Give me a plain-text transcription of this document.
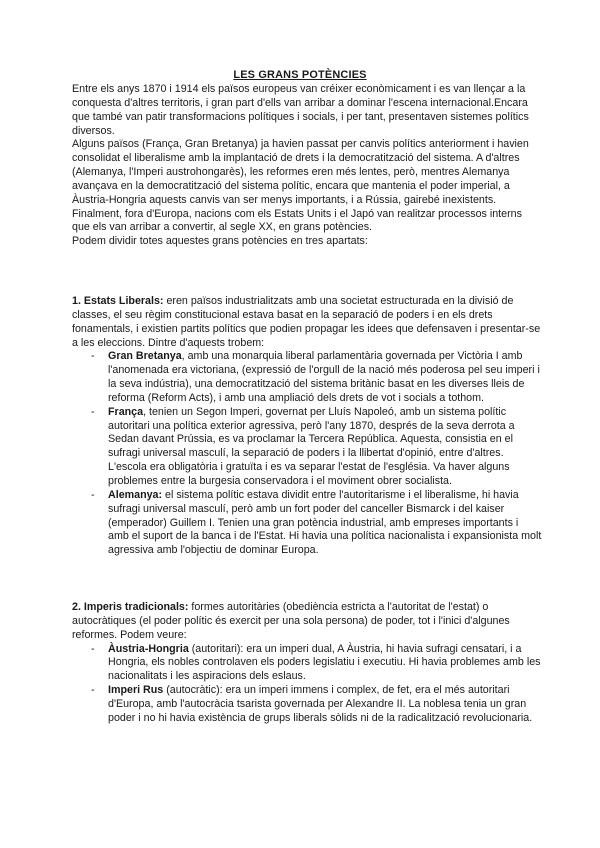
LES GRANS POTÈNCIES

Entre els anys 1870 i 1914 els països europeus van créixer econòmicament i es van llençar a la conquesta d'altres territoris, i gran part d'ells van arribar a dominar l'escena internacional.Encara que també van patir transformacions polítiques i socials, i per tant, presentaven sistemes polítics diversos.

Alguns països (França, Gran Bretanya) ja havien passat per canvis polítics anteriorment i havien consolidat el liberalisme amb la implantació de drets i la democratització del sistema. A d'altres (Alemanya, l'Imperi austrohongarès), les reformes eren més lentes, però, mentres Alemanya avançava en la democratització del sistema polític, encara que mantenia el poder imperial, a Àustria-Hongria aquests canvis van ser menys importants, i a Rússia, gairebé inexistents.

Finalment, fora d'Europa, nacions com els Estats Units i el Japó van realitzar processos interns que els van arribar a convertir, al segle XX, en grans potències.

Podem dividir totes aquestes grans potències en tres apartats:

1. Estats Liberals: eren països industrialitzats amb una societat estructurada en la divisió de classes, el seu règim constitucional estava basat en la separació de poders i en els drets fonamentals, i existien partits polítics que podien propagar les idees que defensaven i presentar-se a les eleccions. Dintre d'aquests trobem:

- Gran Bretanya, amb una monarquia liberal parlamentària governada per Victòria I amb l'anomenada era victoriana, (expressió de l'orgull de la nació més poderosa pel seu imperi i la seva indústria), una democratització del sistema britànic basat en les diverses lleis de reforma (Reform Acts), i amb una ampliació dels drets de vot i socials a tothom.
- França, tenien un Segon Imperi, governat per Lluís Napoleó, amb un sistema polític autoritari una política exterior agressiva, però l'any 1870, després de la seva derrota a Sedan davant Prússia, es va proclamar la Tercera República. Aquesta, consistia en el sufragi universal masculí, la separació de poders i la llibertat d'opinió, entre d'altres. L'escola era obligatòria i gratuïta i es va separar l'estat de l'església. Va haver alguns problemes entre la burgesia conservadora i el moviment obrer socialista.
- Alemanya: el sistema polític estava dividit entre l'autoritarisme i el liberalisme, hi havia sufragi universal masculí, però amb un fort poder del canceller Bismarck i del kaiser (emperador) Guillem I. Tenien una gran potència industrial, amb empreses importants i amb el suport de la banca i de l'Estat. Hi havia una política nacionalista i expansionista molt agressiva amb l'objectiu de dominar Europa.

2. Imperis tradicionals: formes autoritàries (obediència estricta a l'autoritat de l'estat) o autocràtiques (el poder polític és exercit per una sola persona) de poder, tot i l'inici d'algunes reformes. Podem veure:

- Àustria-Hongria (autoritari): era un imperi dual, A Àustria, hi havia sufragi censatari, i a Hongria, els nobles controlaven els poders legislatiu i executiu. Hi havia problemes amb les nacionalitats i les aspiracions dels eslaus.
- Imperi Rus (autocràtic): era un imperi immens i complex, de fet, era el més autoritari d'Europa, amb l'autocràcia tsarista governada per Alexandre II. La noblesa tenia un gran poder i no hi havia existència de grups liberals sòlids ni de la radicalització revolucionaria.
